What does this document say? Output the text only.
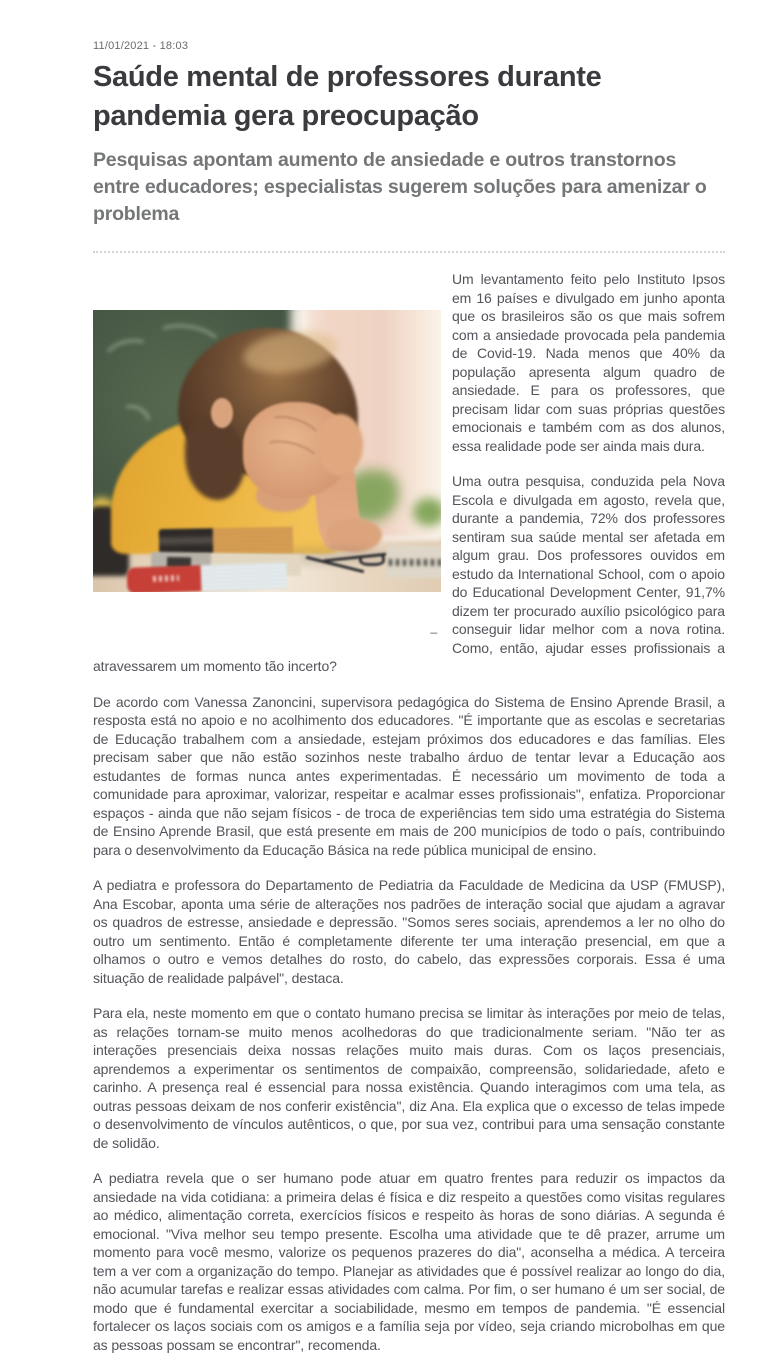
11/01/2021 - 18:03
Saúde mental de professores durante pandemia gera preocupação
Pesquisas apontam aumento de ansiedade e outros transtornos entre educadores; especialistas sugerem soluções para amenizar o problema
_

Um levantamento feito pelo Instituto Ipsos em 16 países e divulgado em junho aponta que os brasileiros são os que mais sofrem com a ansiedade provocada pela pandemia de Covid-19. Nada menos que 40% da população apresenta algum quadro de ansiedade. E para os professores, que precisam lidar com suas próprias questões emocionais e também com as dos alunos, essa realidade pode ser ainda mais dura.

Uma outra pesquisa, conduzida pela Nova Escola e divulgada em agosto, revela que, durante a pandemia, 72% dos professores sentiram sua saúde mental ser afetada em algum grau. Dos professores ouvidos em estudo da International School, com o apoio do Educational Development Center, 91,7% dizem ter procurado auxílio psicológico para conseguir lidar melhor com a nova rotina. Como, então, ajudar esses profissionais a atravessarem um momento tão incerto?

De acordo com Vanessa Zanoncini, supervisora pedagógica do Sistema de Ensino Aprende Brasil, a resposta está no apoio e no acolhimento dos educadores. "É importante que as escolas e secretarias de Educação trabalhem com a ansiedade, estejam próximos dos educadores e das famílias. Eles precisam saber que não estão sozinhos neste trabalho árduo de tentar levar a Educação aos estudantes de formas nunca antes experimentadas. É necessário um movimento de toda a comunidade para aproximar, valorizar, respeitar e acalmar esses profissionais", enfatiza. Proporcionar espaços - ainda que não sejam físicos - de troca de experiências tem sido uma estratégia do Sistema de Ensino Aprende Brasil, que está presente em mais de 200 municípios de todo o país, contribuindo para o desenvolvimento da Educação Básica na rede pública municipal de ensino.

A pediatra e professora do Departamento de Pediatria da Faculdade de Medicina da USP (FMUSP), Ana Escobar, aponta uma série de alterações nos padrões de interação social que ajudam a agravar os quadros de estresse, ansiedade e depressão. "Somos seres sociais, aprendemos a ler no olho do outro um sentimento. Então é completamente diferente ter uma interação presencial, em que a olhamos o outro e vemos detalhes do rosto, do cabelo, das expressões corporais. Essa é uma situação de realidade palpável", destaca.

Para ela, neste momento em que o contato humano precisa se limitar às interações por meio de telas, as relações tornam-se muito menos acolhedoras do que tradicionalmente seriam. "Não ter as interações presenciais deixa nossas relações muito mais duras. Com os laços presenciais, aprendemos a experimentar os sentimentos de compaixão, compreensão, solidariedade, afeto e carinho. A presença real é essencial para nossa existência. Quando interagimos com uma tela, as outras pessoas deixam de nos conferir existência", diz Ana. Ela explica que o excesso de telas impede o desenvolvimento de vínculos autênticos, o que, por sua vez, contribui para uma sensação constante de solidão.

A pediatra revela que o ser humano pode atuar em quatro frentes para reduzir os impactos da ansiedade na vida cotidiana: a primeira delas é física e diz respeito a questões como visitas regulares ao médico, alimentação correta, exercícios físicos e respeito às horas de sono diárias. A segunda é emocional. "Viva melhor seu tempo presente. Escolha uma atividade que te dê prazer, arrume um momento para você mesmo, valorize os pequenos prazeres do dia", aconselha a médica. A terceira tem a ver com a organização do tempo. Planejar as atividades que é possível realizar ao longo do dia, não acumular tarefas e realizar essas atividades com calma. Por fim, o ser humano é um ser social, de modo que é fundamental exercitar a sociabilidade, mesmo em tempos de pandemia. "É essencial fortalecer os laços sociais com os amigos e a família seja por vídeo, seja criando microbolhas em que as pessoas possam se encontrar", recomenda.
